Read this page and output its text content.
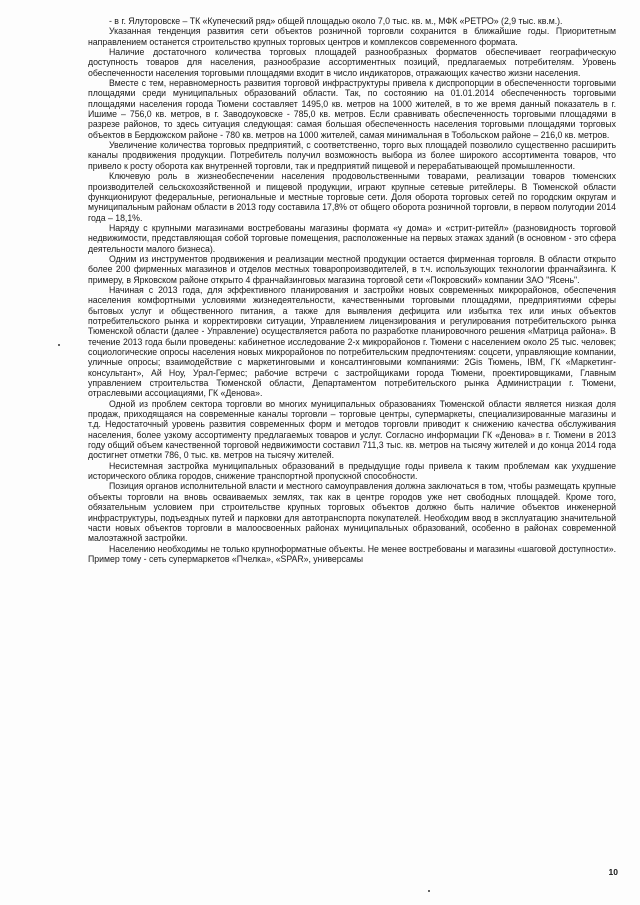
- в г. Ялуторовске – ТК «Купеческий ряд» общей площадью около 7,0 тыс. кв. м., МФК «РЕТРО» (2,9 тыс. кв.м.).

Указанная тенденция развития сети объектов розничной торговли сохранится в ближайшие годы. Приоритетным направлением останется строительство крупных торговых центров и комплексов современного формата.

Наличие достаточного количества торговых площадей разнообразных форматов обеспечивает географическую доступность товаров для населения, разнообразие ассортиментных позиций, предлагаемых потребителям. Уровень обеспеченности населения торговыми площадями входит в число индикаторов, отражающих качество жизни населения.

Вместе с тем, неравномерность развития торговой инфраструктуры привела к диспропорции в обеспеченности торговыми площадями среди муниципальных образований области. Так, по состоянию на 01.01.2014 обеспеченность торговыми площадями населения города Тюмени составляет 1495,0 кв. метров на 1000 жителей, в то же время данный показатель в г. Ишиме – 756,0 кв. метров, в г. Заводоуковске - 785,0 кв. метров. Если сравнивать обеспеченность торговыми площадями в разрезе районов, то здесь ситуация следующая: самая большая обеспеченность населения торговыми площадями торговых объектов в Бердюжском районе - 780 кв. метров на 1000 жителей, самая минимальная в Тобольском районе – 216,0 кв. метров.

Увеличение количества торговых предприятий, с соответственно, торго вых площадей позволило существенно расширить каналы продвижения продукции. Потребитель получил возможность выбора из более широкого ассортимента товаров, что привело к росту оборота как внутренней торговли, так и предприятий пищевой и перерабатывающей промышленности.

Ключевую роль в жизнеобеспечении населения продовольственными товарами, реализации товаров тюменских производителей сельскохозяйственной и пищевой продукции, играют крупные сетевые ритейлеры. В Тюменской области функционируют федеральные, региональные и местные торговые сети. Доля оборота торговых сетей по городским округам и муниципальным районам области в 2013 году составила 17,8% от общего оборота розничной торговли, в первом полугодии 2014 года – 18,1%.

Наряду с крупными магазинами востребованы магазины формата «у дома» и «стрит-ритейл» (разновидность торговой недвижимости, представляющая собой торговые помещения, расположенные на первых этажах зданий (в основном - это сфера деятельности малого бизнеса).

Одним из инструментов продвижения и реализации местной продукции остается фирменная торговля. В области открыто более 200 фирменных магазинов и отделов местных товаропроизводителей, в т.ч. использующих технологии франчайзинга. К примеру, в Ярковском районе открыто 4 франчайзинговых магазина торговой сети «Покровский» компании ЗАО "Ясень".

Начиная с 2013 года, для эффективного планирования и застройки новых современных микрорайонов, обеспечения населения комфортными условиями жизнедеятельности, качественными торговыми площадями, предприятиями сферы бытовых услуг и общественного питания, а также для выявления дефицита или избытка тех или иных объектов потребительского рынка и корректировки ситуации, Управлением лицензирования и регулирования потребительского рынка Тюменской области (далее - Управление) осуществляется работа по разработке планировочного решения «Матрица района». В течение 2013 года были проведены: кабинетное исследование 2-х микрорайонов г. Тюмени с населением около 25 тыс. человек; социологические опросы населения новых микрорайонов по потребительским предпочтениям: соцсети, управляющие компании, уличные опросы; взаимодействие с маркетинговыми и консалтинговыми компаниями: 2Gis Тюмень, IBM, ГК «Маркетинг-консультант», Ай Ноу, Урал-Гермес; рабочие встречи с застройщиками города Тюмени, проектировщиками, Главным управлением строительства Тюменской области, Департаментом потребительского рынка Администрации г. Тюмени, отраслевыми ассоциациями, ГК «Денова».

Одной из проблем сектора торговли во многих муниципальных образованиях Тюменской области является низкая доля продаж, приходящаяся на современные каналы торговли – торговые центры, супермаркеты, специализированные магазины и т.д. Недостаточный уровень развития современных форм и методов торговли приводит к снижению качества обслуживания населения, более узкому ассортименту предлагаемых товаров и услуг. Согласно информации ГК «Денова» в г. Тюмени в 2013 году общий объем качественной торговой недвижимости составил 711,3 тыс. кв. метров на тысячу жителей и до конца 2014 года достигнет отметки 786, 0 тыс. кв. метров на тысячу жителей.

Несистемная застройка муниципальных образований в предыдущие годы привела к таким проблемам как ухудшение исторического облика городов, снижение транспортной пропускной способности.

Позиция органов исполнительной власти и местного самоуправления должна заключаться в том, чтобы размещать крупные объекты торговли на вновь осваиваемых землях, так как в центре городов уже нет свободных площадей. Кроме того, обязательным условием при строительстве крупных торговых объектов должно быть наличие объектов инженерной инфраструктуры, подъездных путей и парковки для автотранспорта покупателей. Необходим ввод в эксплуатацию значительной части новых объектов торговли в малоосвоенных районах муниципальных образований, особенно в районах современной малоэтажной застройки.

Населению необходимы не только крупноформатные объекты. Не менее востребованы и магазины «шаговой доступности». Пример тому - сеть супермаркетов «Пчелка», «SPAR», универсамы

10
